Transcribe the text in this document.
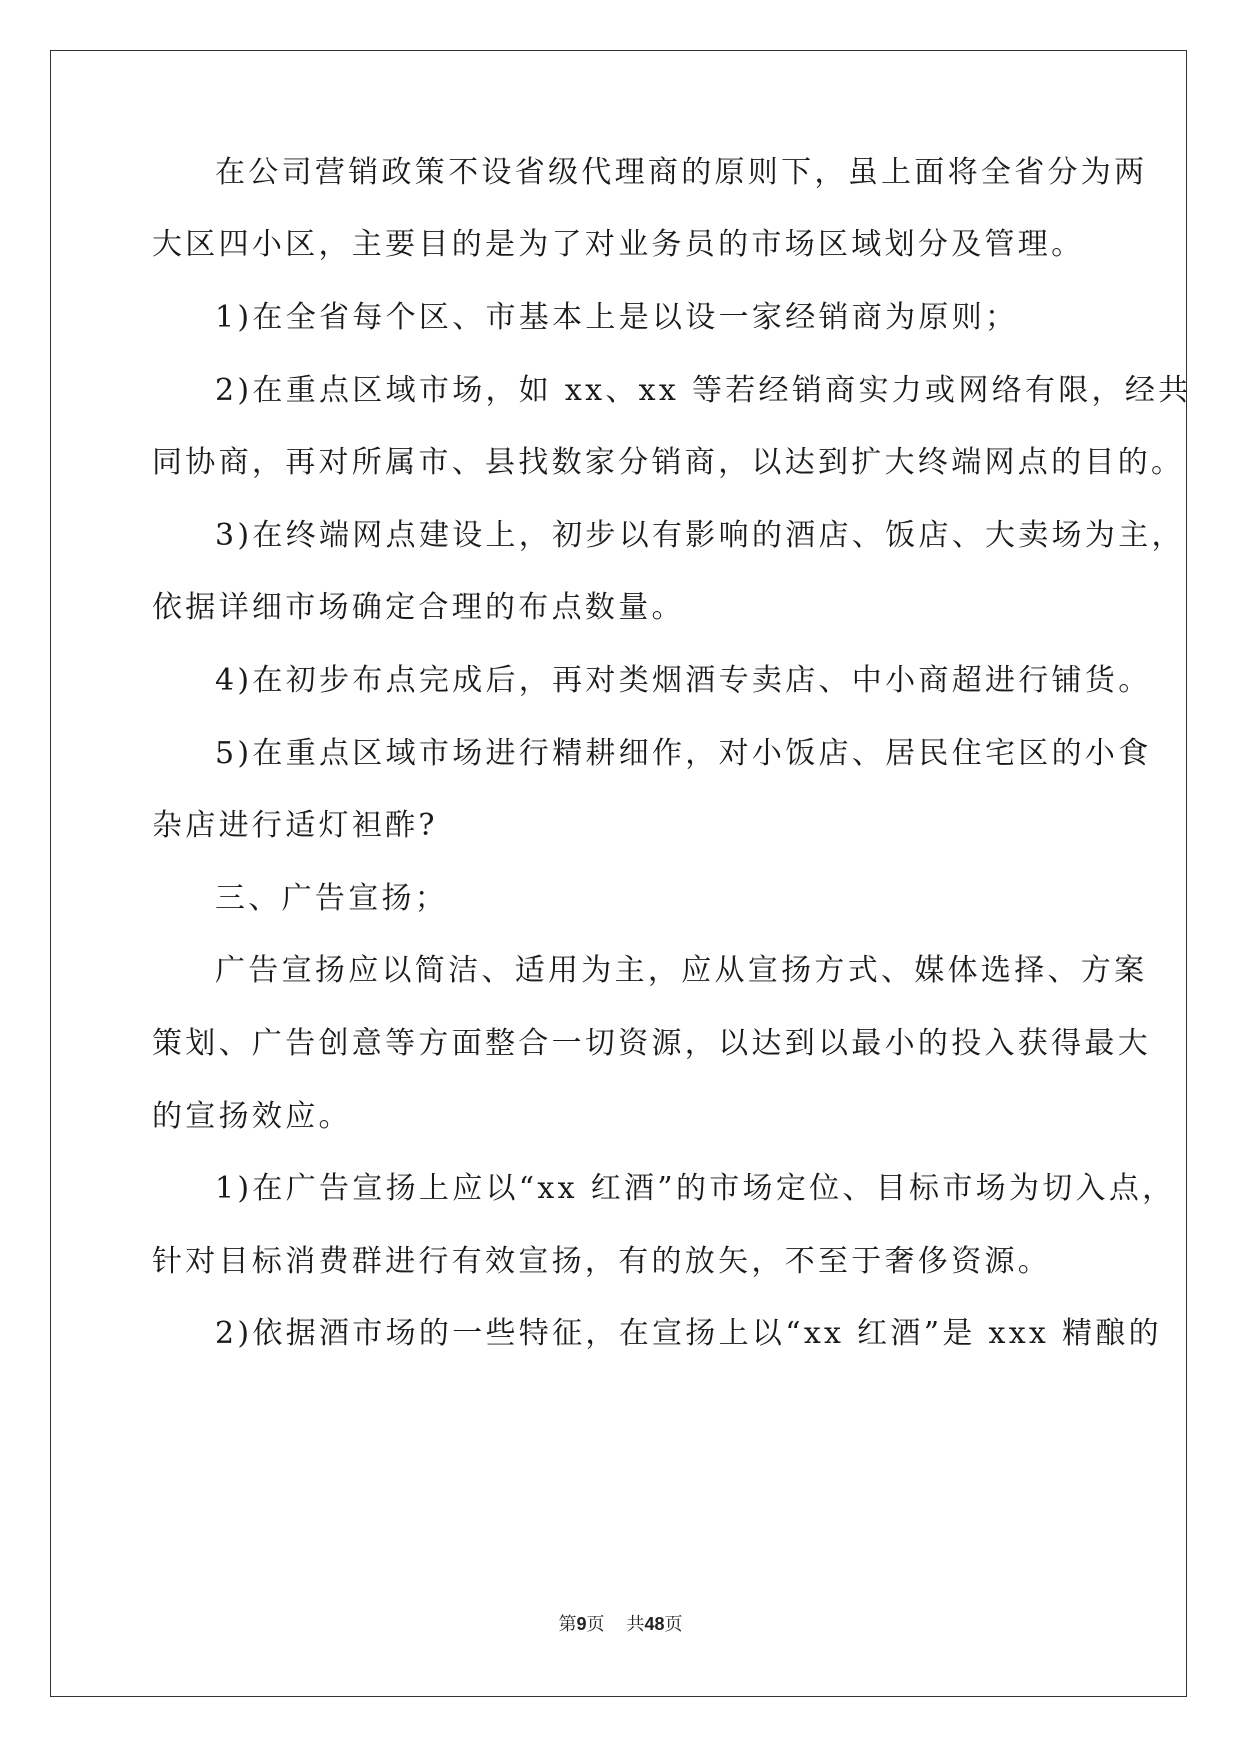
在公司营销政策不设省级代理商的原则下，虽上面将全省分为两
大区四小区，主要目的是为了对业务员的市场区域划分及管理。
1)在全省每个区、市基本上是以设一家经销商为原则；
2)在重点区域市场，如 xx、xx 等若经销商实力或网络有限，经共
同协商，再对所属市、县找数家分销商，以达到扩大终端网点的目的。
3)在终端网点建设上，初步以有影响的酒店、饭店、大卖场为主，
依据详细市场确定合理的布点数量。
4)在初步布点完成后，再对类烟酒专卖店、中小商超进行铺货。
5)在重点区域市场进行精耕细作，对小饭店、居民住宅区的小食
杂店进行适灯袒酢?
三、广告宣扬；
广告宣扬应以简洁、适用为主，应从宣扬方式、媒体选择、方案
策划、广告创意等方面整合一切资源，以达到以最小的投入获得最大
的宣扬效应。
1)在广告宣扬上应以“xx 红酒”的市场定位、目标市场为切入点，
针对目标消费群进行有效宣扬，有的放矢，不至于奢侈资源。
2)依据酒市场的一些特征，在宣扬上以“xx 红酒”是 xxx 精酿的
第9页 共48页
